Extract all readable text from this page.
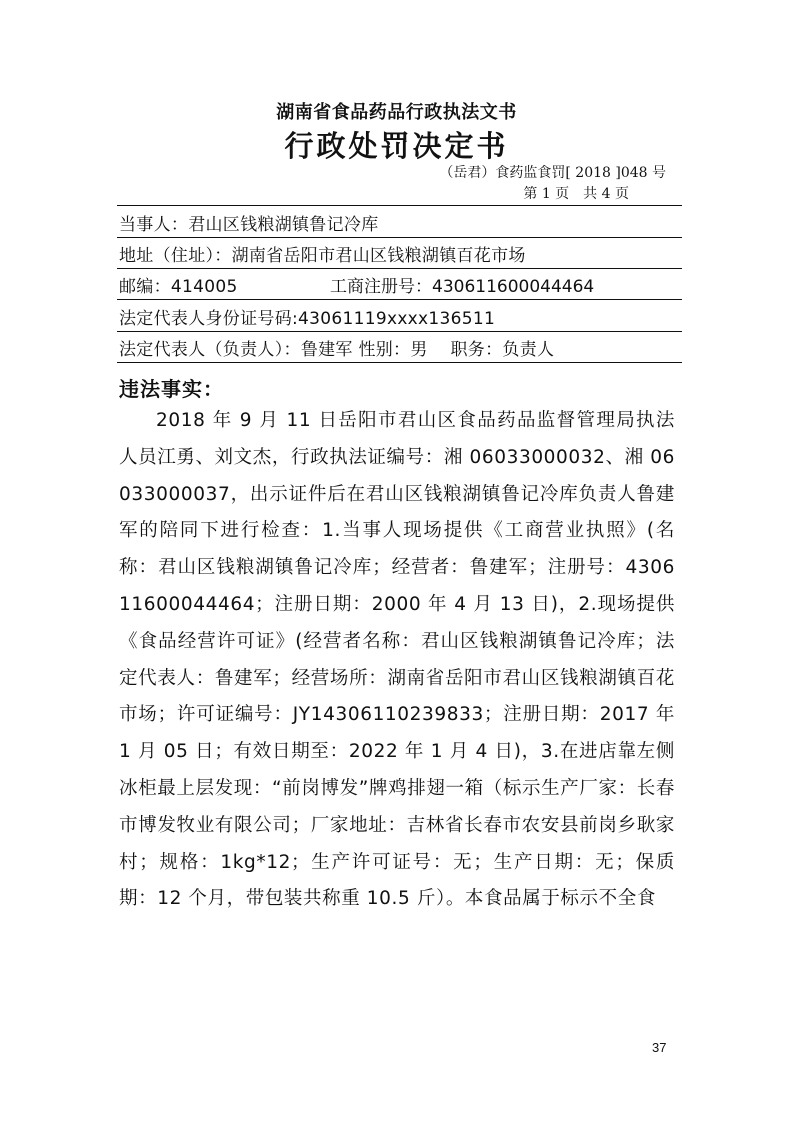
湖南省食品药品行政执法文书
行政处罚决定书
（岳君）食药监食罚[ 2018 ]048 号
第 1 页　共 4 页
当事人：君山区钱粮湖镇鲁记冷库
地址（住址）：湖南省岳阳市君山区钱粮湖镇百花市场
邮编：414005	工商注册号：430611600044464
法定代表人身份证号码:43061119xxxx136511
法定代表人（负责人）：鲁建军 性别：男 职务：负责人
违法事实：
2018 年 9 月 11 日岳阳市君山区食品药品监督管理局执法人员江勇、刘文杰，行政执法证编号：湘 06033000032、湘 06033000037，出示证件后在君山区钱粮湖镇鲁记冷库负责人鲁建军的陪同下进行检查：1.当事人现场提供《工商营业执照》(名称：君山区钱粮湖镇鲁记冷库；经营者：鲁建军；注册号：430611600044464；注册日期：2000 年 4 月 13 日)，2.现场提供《食品经营许可证》(经营者名称：君山区钱粮湖镇鲁记冷库；法定代表人：鲁建军；经营场所：湖南省岳阳市君山区钱粮湖镇百花市场；许可证编号：JY14306110239833；注册日期：2017 年 1 月 05 日；有效日期至：2022 年 1 月 4 日)，3.在进店靠左侧冰柜最上层发现：“前岗博发”牌鸡排翅一箱（标示生产厂家：长春市博发牧业有限公司；厂家地址：吉林省长春市农安县前岗乡耿家村；规格：1kg*12；生产许可证号：无；生产日期：无；保质期：12 个月，带包装共称重 10.5 斤）。本食品属于标示不全食
37
